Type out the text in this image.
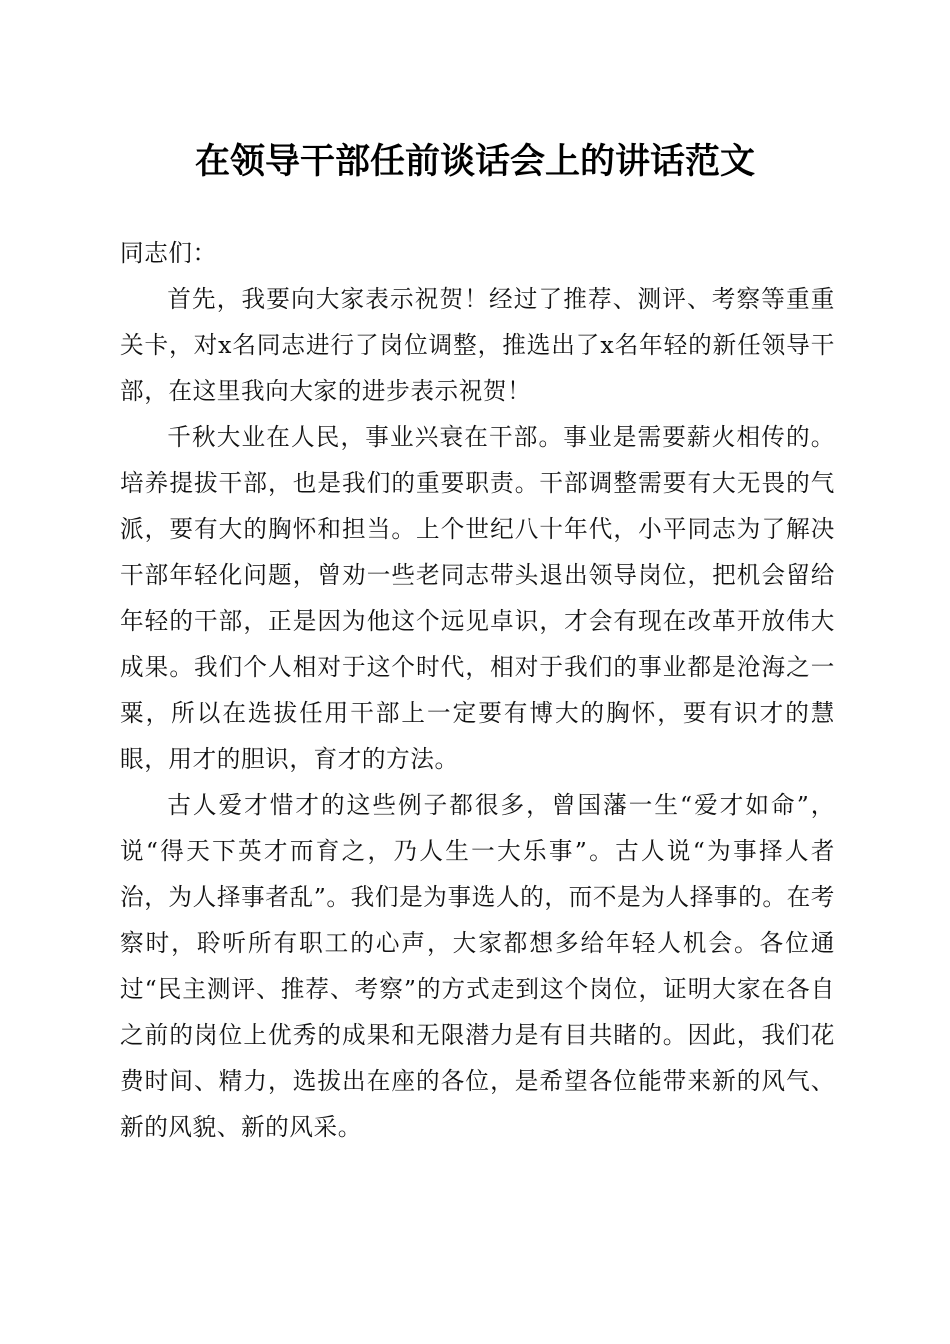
在领导干部任前谈话会上的讲话范文

同志们：

首先，我要向大家表示祝贺！经过了推荐、测评、考察等重重关卡，对x名同志进行了岗位调整，推选出了x名年轻的新任领导干部，在这里我向大家的进步表示祝贺！

千秋大业在人民，事业兴衰在干部。事业是需要薪火相传的。培养提拔干部，也是我们的重要职责。干部调整需要有大无畏的气派，要有大的胸怀和担当。上个世纪八十年代，小平同志为了解决干部年轻化问题，曾劝一些老同志带头退出领导岗位，把机会留给年轻的干部，正是因为他这个远见卓识，才会有现在改革开放伟大成果。我们个人相对于这个时代，相对于我们的事业都是沧海之一粟，所以在选拔任用干部上一定要有博大的胸怀，要有识才的慧眼，用才的胆识，育才的方法。

古人爱才惜才的这些例子都很多，曾国藩一生“爱才如命”，说“得天下英才而育之，乃人生一大乐事”。古人说“为事择人者治，为人择事者乱”。我们是为事选人的，而不是为人择事的。在考察时，聆听所有职工的心声，大家都想多给年轻人机会。各位通过“民主测评、推荐、考察”的方式走到这个岗位，证明大家在各自之前的岗位上优秀的成果和无限潜力是有目共睹的。因此，我们花费时间、精力，选拔出在座的各位，是希望各位能带来新的风气、新的风貌、新的风采。
